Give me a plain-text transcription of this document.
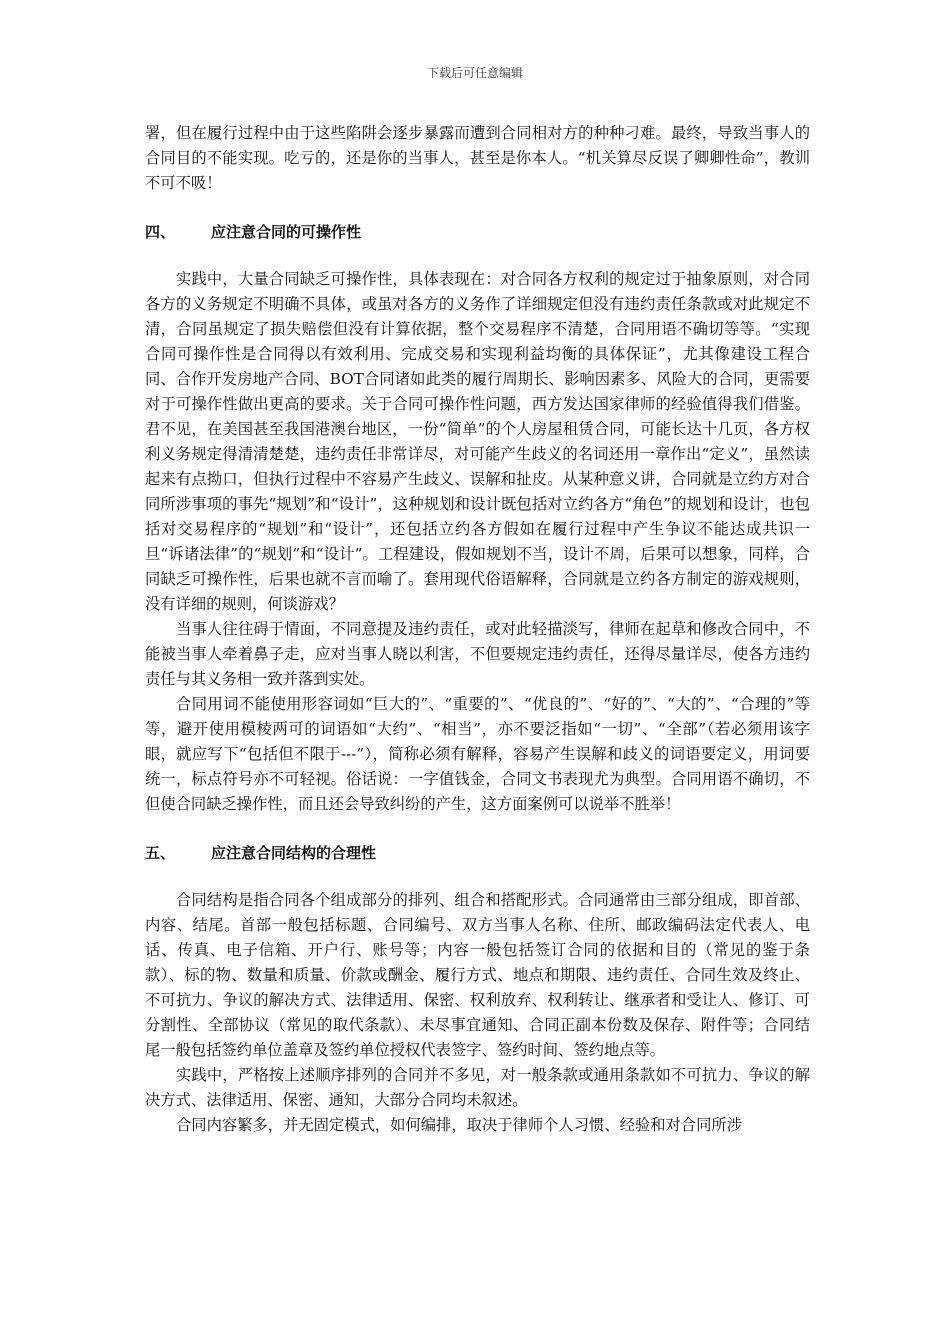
下载后可任意编辑

署，但在履行过程中由于这些陷阱会逐步暴露而遭到合同相对方的种种刁难。最终，导致当事人的合同目的不能实现。吃亏的，还是你的当事人，甚至是你本人。“机关算尽反误了卿卿性命”，教训不可不吸！

四、	应注意合同的可操作性

实践中，大量合同缺乏可操作性，具体表现在：对合同各方权利的规定过于抽象原则，对合同各方的义务规定不明确不具体，或虽对各方的义务作了详细规定但没有违约责任条款或对此规定不清，合同虽规定了损失赔偿但没有计算依据，整个交易程序不清楚，合同用语不确切等等。“实现合同可操作性是合同得以有效利用、完成交易和实现利益均衡的具体保证”，尤其像建设工程合同、合作开发房地产合同、BOT合同诸如此类的履行周期长、影响因素多、风险大的合同，更需要对于可操作性做出更高的要求。关于合同可操作性问题，西方发达国家律师的经验值得我们借鉴。君不见，在美国甚至我国港澳台地区，一份“简单”的个人房屋租赁合同，可能长达十几页，各方权利义务规定得清清楚楚，违约责任非常详尽，对可能产生歧义的名词还用一章作出“定义”，虽然读起来有点拗口，但执行过程中不容易产生歧义、误解和扯皮。从某种意义讲，合同就是立约方对合同所涉事项的事先“规划”和“设计”，这种规划和设计既包括对立约各方“角色”的规划和设计，也包括对交易程序的“规划”和“设计”，还包括立约各方假如在履行过程中产生争议不能达成共识一旦“诉诸法律”的“规划”和“设计”。工程建设，假如规划不当，设计不周，后果可以想象，同样，合同缺乏可操作性，后果也就不言而喻了。套用现代俗语解释，合同就是立约各方制定的游戏规则，没有详细的规则，何谈游戏？

当事人往往碍于情面，不同意提及违约责任，或对此轻描淡写，律师在起草和修改合同中，不能被当事人牵着鼻子走，应对当事人晓以利害，不但要规定违约责任，还得尽量详尽，使各方违约责任与其义务相一致并落到实处。

合同用词不能使用形容词如“巨大的”、“重要的”、“优良的”、“好的”、“大的”、“合理的”等等，避开使用模棱两可的词语如“大约”、“相当”，亦不要泛指如“一切”、“全部”（若必须用该字眼，就应写下“包括但不限于---”），简称必须有解释，容易产生误解和歧义的词语要定义，用词要统一，标点符号亦不可轻视。俗话说：一字值钱金，合同文书表现尤为典型。合同用语不确切，不但使合同缺乏操作性，而且还会导致纠纷的产生，这方面案例可以说举不胜举！

五、	应注意合同结构的合理性

合同结构是指合同各个组成部分的排列、组合和搭配形式。合同通常由三部分组成，即首部、内容、结尾。首部一般包括标题、合同编号、双方当事人名称、住所、邮政编码法定代表人、电话、传真、电子信箱、开户行、账号等；内容一般包括签订合同的依据和目的（常见的鉴于条款）、标的物、数量和质量、价款或酬金、履行方式、地点和期限、违约责任、合同生效及终止、不可抗力、争议的解决方式、法律适用、保密、权利放弃、权利转让、继承者和受让人、修订、可分割性、全部协议（常见的取代条款）、未尽事宜通知、合同正副本份数及保存、附件等；合同结尾一般包括签约单位盖章及签约单位授权代表签字、签约时间、签约地点等。

实践中，严格按上述顺序排列的合同并不多见，对一般条款或通用条款如不可抗力、争议的解决方式、法律适用、保密、通知，大部分合同均未叙述。

合同内容繁多，并无固定模式，如何编排，取决于律师个人习惯、经验和对合同所涉
